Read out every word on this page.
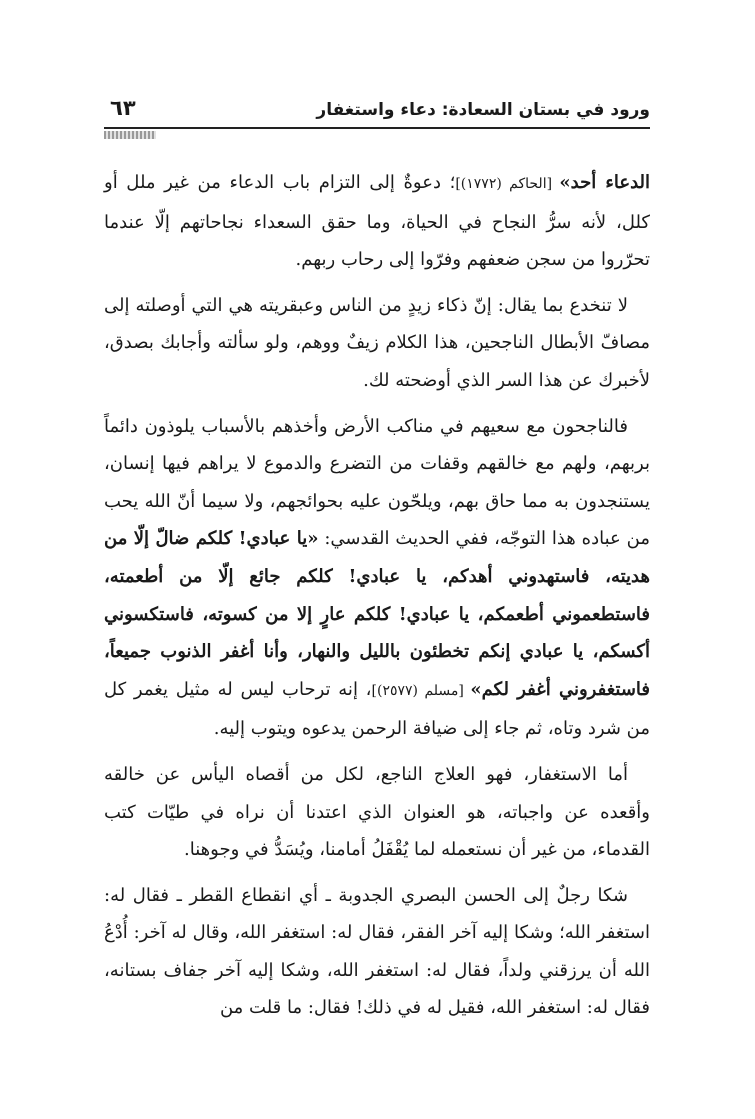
ورود في بستان السعادة: دعاء واستغفار
٦٣

الدعاء أحد» [الحاكم (١٧٧٢)]؛ دعوةٌ إلى التزام باب الدعاء من غير ملل أو كلل، لأنه سرُّ النجاح في الحياة، وما حقق السعداء نجاحاتهم إلّا عندما تحرّروا من سجن ضعفهم وفرّوا إلى رحاب ربهم.

لا تنخدع بما يقال: إنّ ذكاء زيدٍ من الناس وعبقريته هي التي أوصلته إلى مصافّ الأبطال الناجحين، هذا الكلام زيفٌ ووهم، ولو سألته وأجابك بصدق، لأخبرك عن هذا السر الذي أوضحته لك.

فالناجحون مع سعيهم في مناكب الأرض وأخذهم بالأسباب يلوذون دائماً بربهم، ولهم مع خالقهم وقفات من التضرع والدموع لا يراهم فيها إنسان، يستنجدون به مما حاق بهم، ويلحّون عليه بحوائجهم، ولا سيما أنّ الله يحب من عباده هذا التوجّه، ففي الحديث القدسي: «يا عبادي! كلكم ضالّ إلّا من هديته، فاستهدوني أهدكم، يا عبادي! كلكم جائع إلّا من أطعمته، فاستطعموني أطعمكم، يا عبادي! كلكم عارٍ إلا من كسوته، فاستكسوني أكسكم، يا عبادي إنكم تخطئون بالليل والنهار، وأنا أغفر الذنوب جميعاً، فاستغفروني أغفر لكم» [مسلم (٢٥٧٧)]، إنه ترحاب ليس له مثيل يغمر كل من شرد وتاه، ثم جاء إلى ضيافة الرحمن يدعوه ويتوب إليه.

أما الاستغفار، فهو العلاج الناجع، لكل من أقصاه اليأس عن خالقه وأقعده عن واجباته، هو العنوان الذي اعتدنا أن نراه في طيّات كتب القدماء، من غير أن نستعمله لما يُقْفَلُ أمامنا، ويُسَدُّ في وجوهنا.

شكا رجلٌ إلى الحسن البصري الجدوبة ـ أي انقطاع القطر ـ فقال له: استغفر الله؛ وشكا إليه آخر الفقر، فقال له: استغفر الله، وقال له آخر: أُدْعُ الله أن يرزقني ولداً، فقال له: استغفر الله، وشكا إليه آخر جفاف بستانه، فقال له: استغفر الله، فقيل له في ذلك! فقال: ما قلت من
